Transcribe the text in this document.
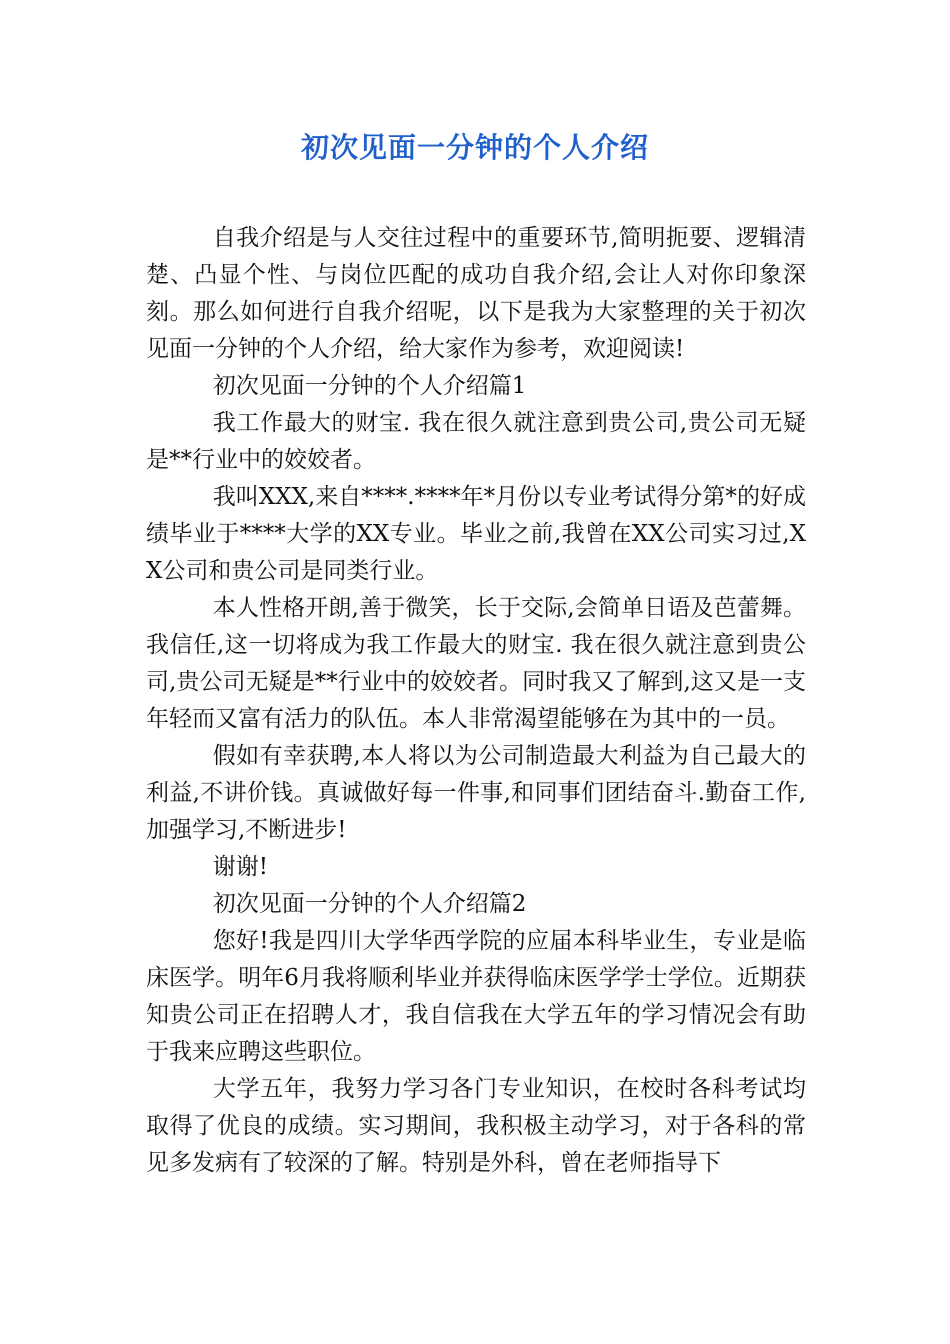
初次见面一分钟的个人介绍

自我介绍是与人交往过程中的重要环节,简明扼要、逻辑清楚、凸显个性、与岗位匹配的成功自我介绍,会让人对你印象深刻。那么如何进行自我介绍呢，以下是我为大家整理的关于初次见面一分钟的个人介绍，给大家作为参考，欢迎阅读!

初次见面一分钟的个人介绍篇1

我工作最大的财宝. 我在很久就注意到贵公司,贵公司无疑是**行业中的姣姣者。

我叫XXX,来自****.****年*月份以专业考试得分第*的好成绩毕业于****大学的XX专业。毕业之前,我曾在XX公司实习过,XX公司和贵公司是同类行业。

本人性格开朗,善于微笑，长于交际,会简单日语及芭蕾舞。我信任,这一切将成为我工作最大的财宝. 我在很久就注意到贵公司,贵公司无疑是**行业中的姣姣者。同时我又了解到,这又是一支年轻而又富有活力的队伍。本人非常渴望能够在为其中的一员。

假如有幸获聘,本人将以为公司制造最大利益为自己最大的利益,不讲价钱。真诚做好每一件事,和同事们团结奋斗.勤奋工作,加强学习,不断进步!

谢谢!

初次见面一分钟的个人介绍篇2

您好!我是四川大学华西学院的应届本科毕业生，专业是临床医学。明年6月我将顺利毕业并获得临床医学学士学位。近期获知贵公司正在招聘人才，我自信我在大学五年的学习情况会有助于我来应聘这些职位。

大学五年，我努力学习各门专业知识，在校时各科考试均取得了优良的成绩。实习期间，我积极主动学习，对于各科的常见多发病有了较深的了解。特别是外科，曾在老师指导下
